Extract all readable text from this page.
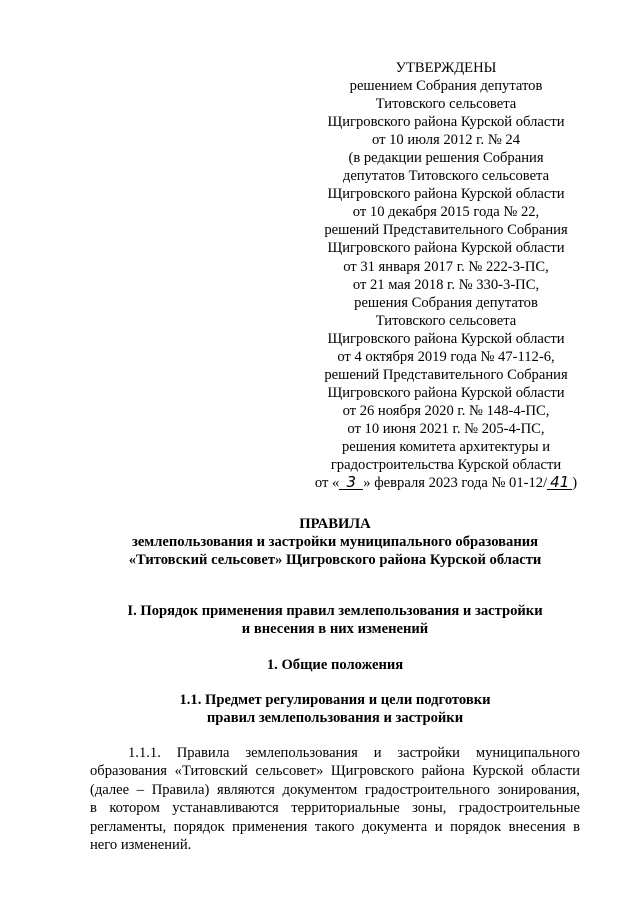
УТВЕРЖДЕНЫ
решением Собрания депутатов
Титовского сельсовета
Щигровского района Курской области
от 10 июля 2012 г. № 24
(в редакции решения Собрания
депутатов Титовского сельсовета
Щигровского района Курской области
от 10 декабря 2015 года № 22,
решений Представительного Собрания
Щигровского района Курской области
от 31 января 2017 г. № 222-3-ПС,
от 21 мая 2018 г. № 330-3-ПС,
решения Собрания депутатов
Титовского сельсовета
Щигровского района Курской области
от 4 октября 2019 года № 47-112-6,
решений Представительного Собрания
Щигровского района Курской области
от 26 ноября 2020 г. № 148-4-ПС,
от 10 июня 2021 г. № 205-4-ПС,
решения комитета архитектуры и
градостроительства Курской области
от « 3 » февраля 2023 года № 01-12/ 41 )
ПРАВИЛА
землепользования и застройки муниципального образования
«Титовский сельсовет» Щигровского района Курской области
I. Порядок применения правил землепользования и застройки
и внесения в них изменений
1. Общие положения
1.1. Предмет регулирования и цели подготовки
правил землепользования и застройки
1.1.1. Правила землепользования и застройки муниципального
образования «Титовский сельсовет» Щигровского района Курской области
(далее – Правила) являются документом градостроительного зонирования,
в котором устанавливаются территориальные зоны, градостроительные
регламенты, порядок применения такого документа и порядок внесения в
него изменений.
